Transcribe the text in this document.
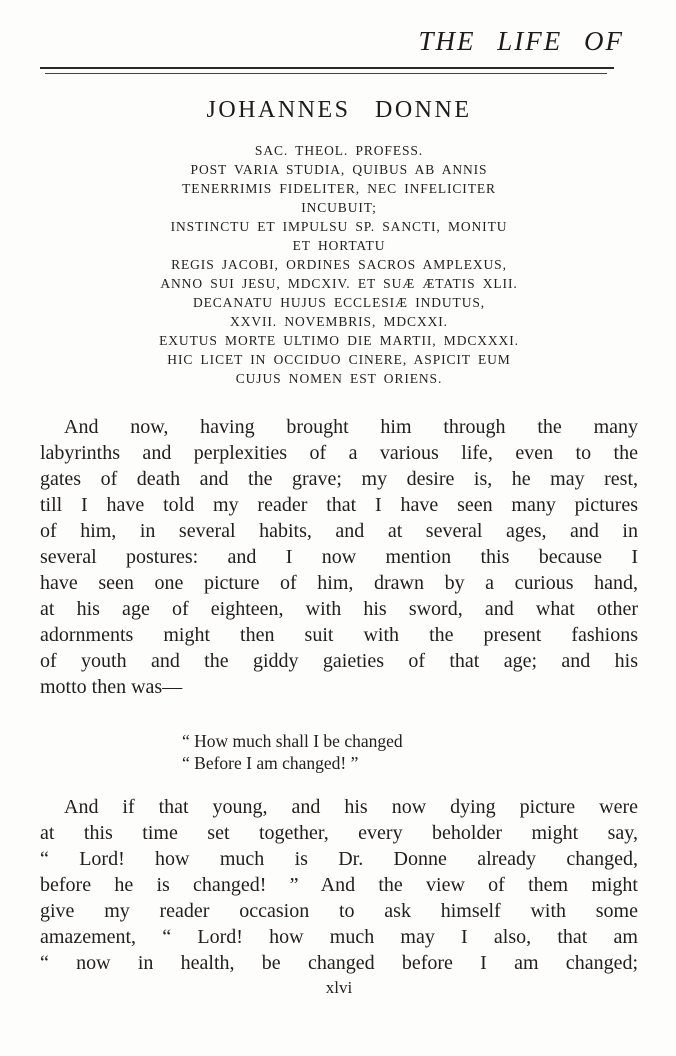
THE LIFE OF
JOHANNES DONNE
SAC. THEOL. PROFESS.
POST VARIA STUDIA, QUIBUS AB ANNIS
TENERRIMIS FIDELITER, NEC INFELICITER
INCUBUIT;
INSTINCTU ET IMPULSU SP. SANCTI, MONITU
ET HORTATU
REGIS JACOBI, ORDINES SACROS AMPLEXUS,
ANNO SUI JESU, MDCXIV. ET SUÆ ÆTATIS XLII.
DECANATU HUJUS ECCLESIÆ INDUTUS,
XXVII. NOVEMBRIS, MDCXXI.
EXUTUS MORTE ULTIMO DIE MARTII, MDCXXXI.
HIC LICET IN OCCIDUO CINERE, ASPICIT EUM
CUJUS NOMEN EST ORIENS.
And now, having brought him through the many
labyrinths and perplexities of a various life, even to the
gates of death and the grave; my desire is, he may rest,
till I have told my reader that I have seen many pictures
of him, in several habits, and at several ages, and in
several postures: and I now mention this because I
have seen one picture of him, drawn by a curious hand,
at his age of eighteen, with his sword, and what other
adornments might then suit with the present fashions
of youth and the giddy gaieties of that age; and his
motto then was—
“ How much shall I be changed
“ Before I am changed! ”
And if that young, and his now dying picture were
at this time set together, every beholder might say,
“ Lord! how much is Dr. Donne already changed,
before he is changed! ” And the view of them might
give my reader occasion to ask himself with some
amazement, “ Lord! how much may I also, that am
“ now in health, be changed before I am changed;
xlvi
